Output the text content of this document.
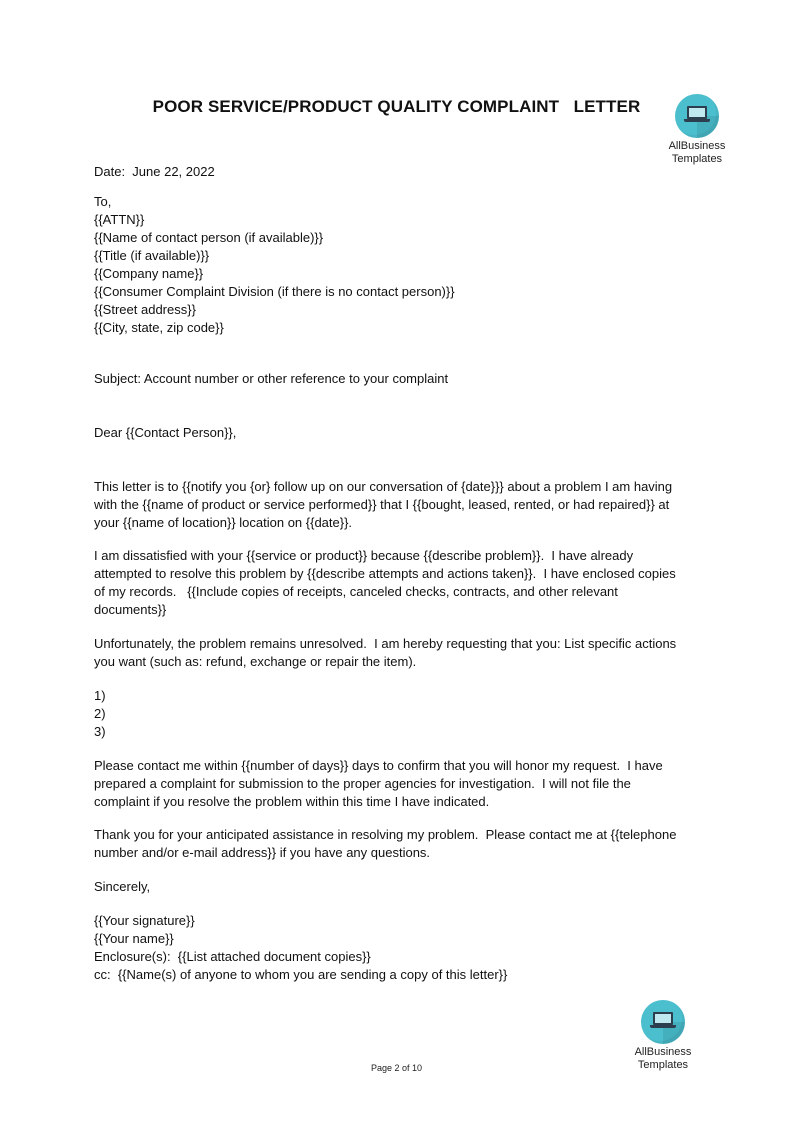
POOR SERVICE/PRODUCT QUALITY COMPLAINT   LETTER
AllBusiness
Templates
Date:  June 22, 2022
To,
{{ATTN}}
{{Name of contact person (if available)}}
{{Title (if available)}}
{{Company name}}
{{Consumer Complaint Division (if there is no contact person)}}
{{Street address}}
{{City, state, zip code}}
Subject: Account number or other reference to your complaint
Dear {{Contact Person}},
This letter is to {{notify you {or} follow up on our conversation of {date}}} about a problem I am having
with the {{name of product or service performed}} that I {{bought, leased, rented, or had repaired}} at
your {{name of location}} location on {{date}}.
I am dissatisfied with your {{service or product}} because {{describe problem}}.  I have already
attempted to resolve this problem by {{describe attempts and actions taken}}.  I have enclosed copies
of my records.   {{Include copies of receipts, canceled checks, contracts, and other relevant
documents}}
Unfortunately, the problem remains unresolved.  I am hereby requesting that you: List specific actions
you want (such as: refund, exchange or repair the item).
1)
2)
3)
Please contact me within {{number of days}} days to confirm that you will honor my request.  I have
prepared a complaint for submission to the proper agencies for investigation.  I will not file the
complaint if you resolve the problem within this time I have indicated.
Thank you for your anticipated assistance in resolving my problem.  Please contact me at {{telephone
number and/or e-mail address}} if you have any questions.
Sincerely,
{{Your signature}}
{{Your name}}
Enclosure(s):  {{List attached document copies}}
cc:  {{Name(s) of anyone to whom you are sending a copy of this letter}}
AllBusiness
Templates
Page 2 of 10
